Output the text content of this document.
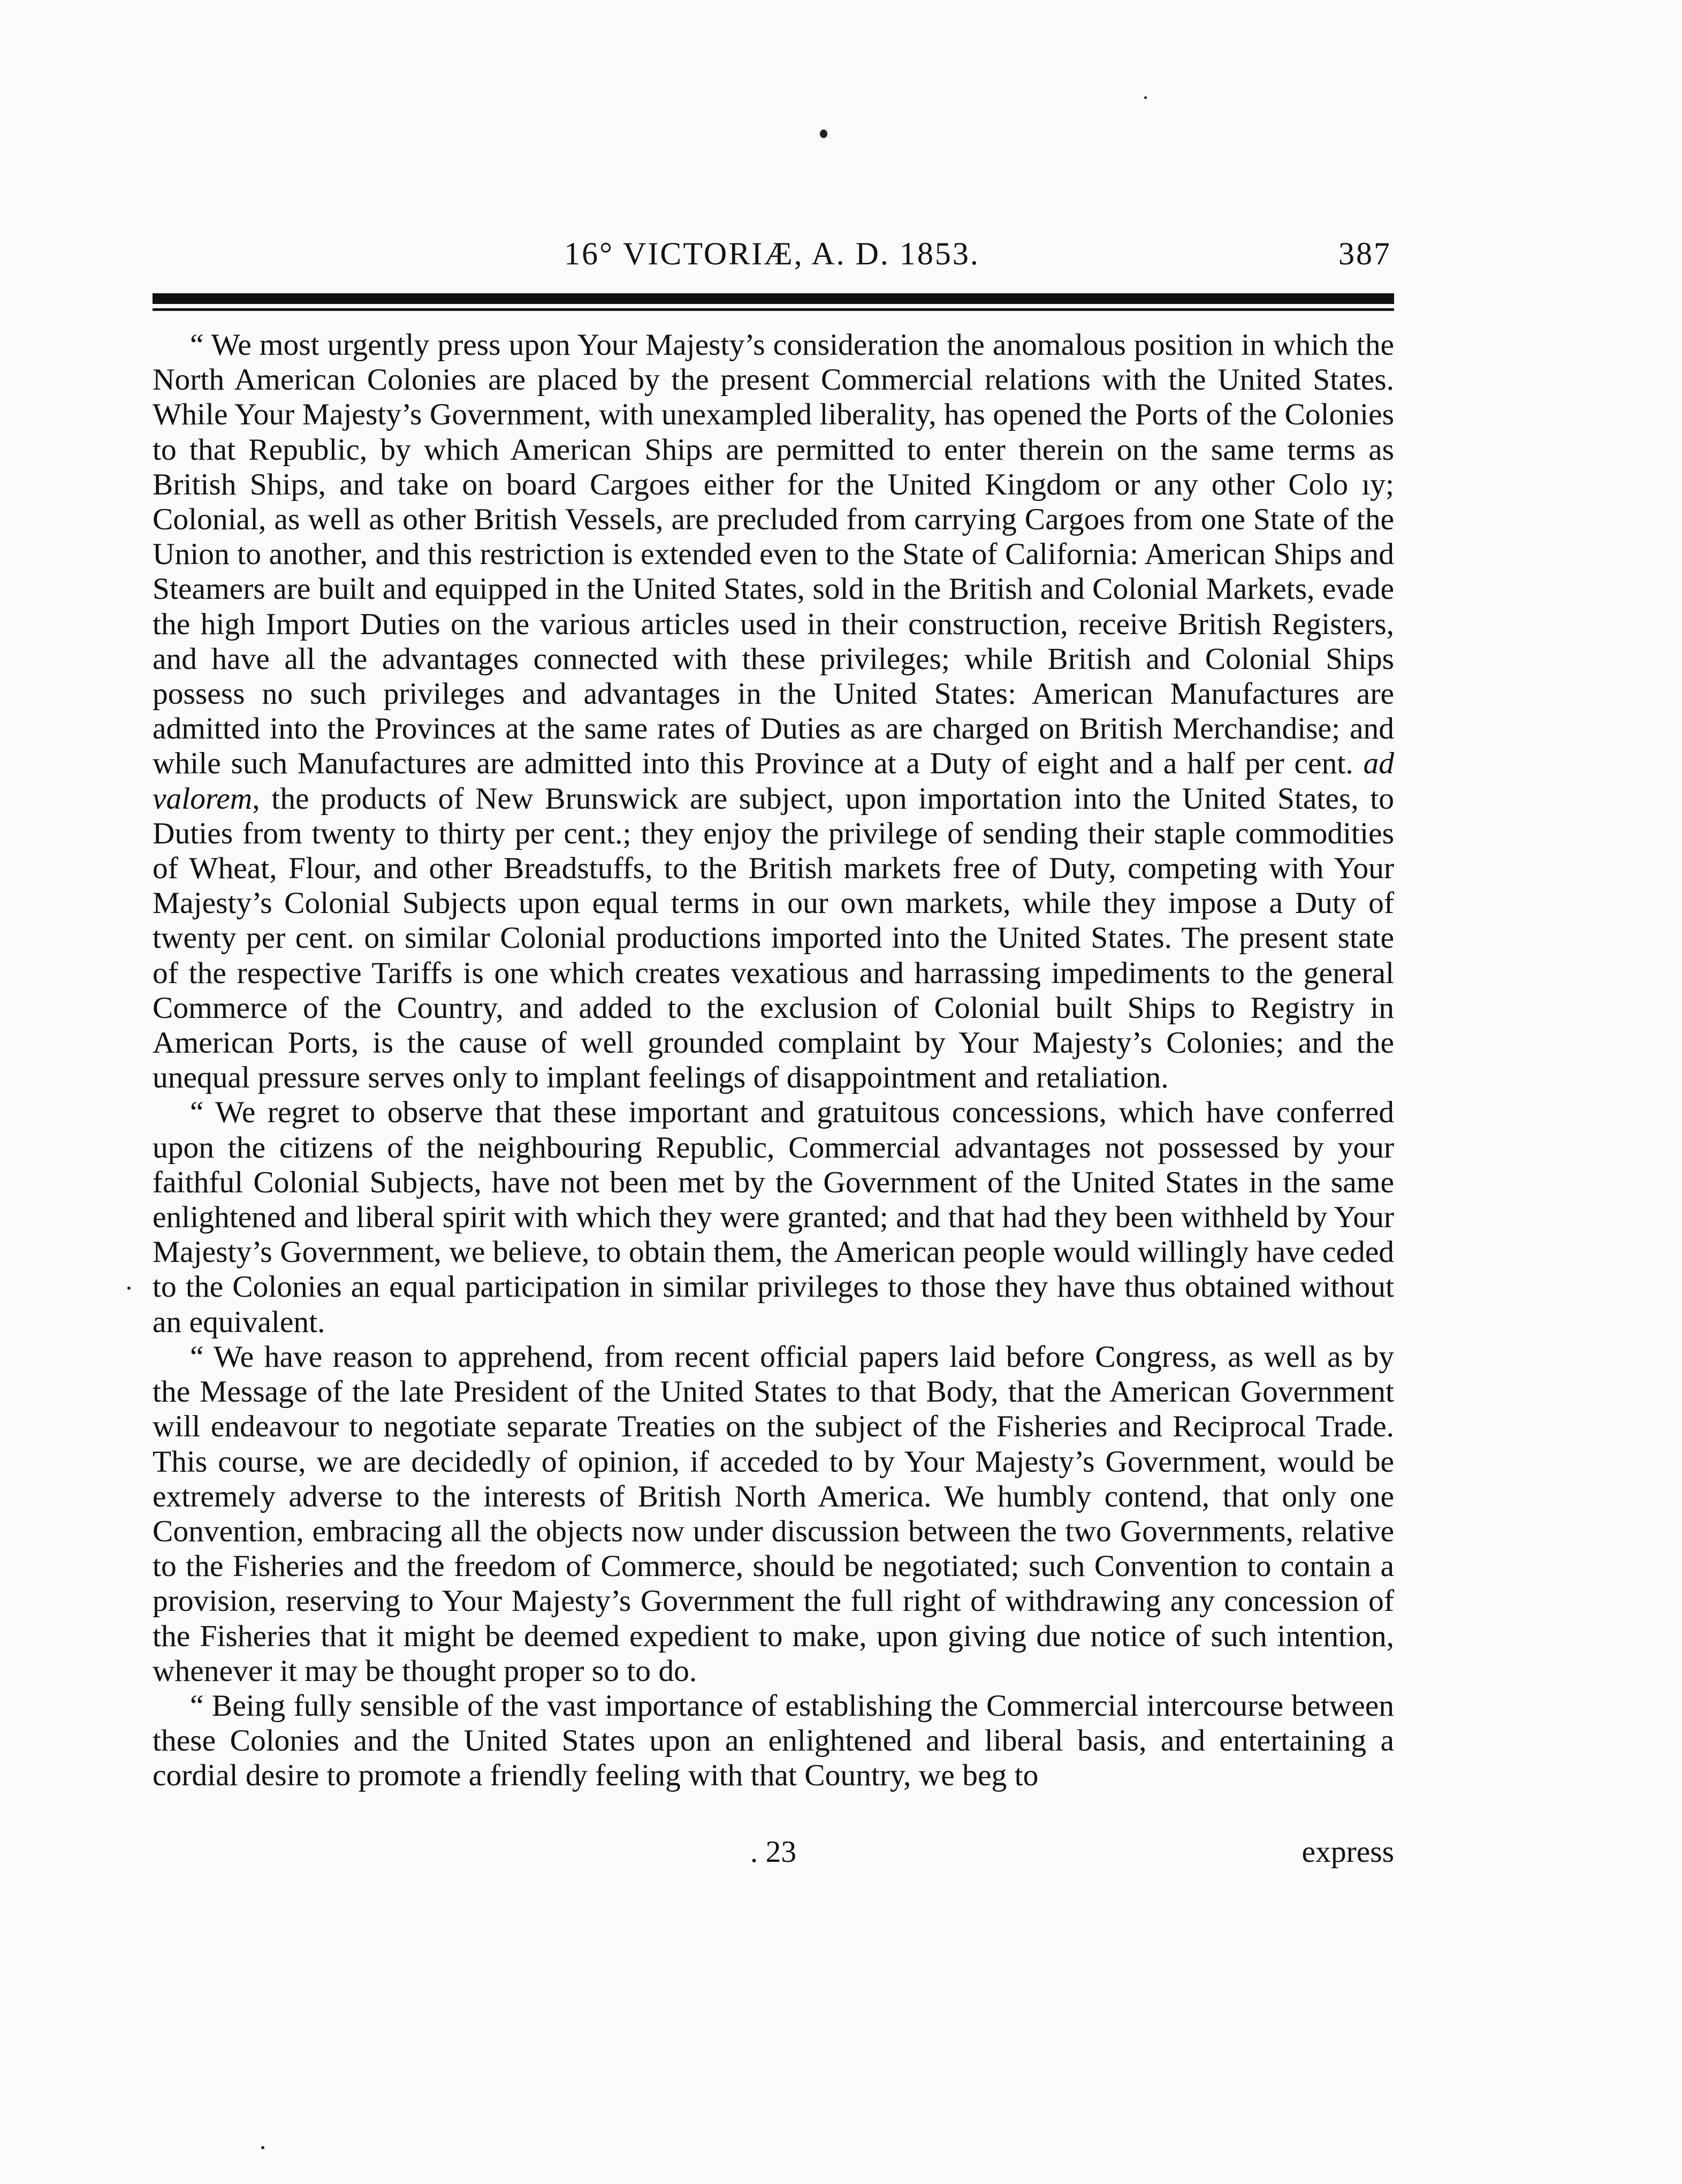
16° VICTORIÆ, A. D. 1853.	387

“ We most urgently press upon Your Majesty’s consideration the anomalous position in which the North American Colonies are placed by the present Commercial relations with the United States. While Your Majesty’s Government, with unexampled liberality, has opened the Ports of the Colonies to that Republic, by which American Ships are permitted to enter therein on the same terms as British Ships, and take on board Cargoes either for the United Kingdom or any other Colo ıy; Colonial, as well as other British Vessels, are precluded from carrying Cargoes from one State of the Union to another, and this restriction is extended even to the State of California: American Ships and Steamers are built and equipped in the United States, sold in the British and Colonial Markets, evade the high Import Duties on the various articles used in their construction, receive British Registers, and have all the advantages connected with these privileges; while British and Colonial Ships possess no such privileges and advantages in the United States: American Manufactures are admitted into the Provinces at the same rates of Duties as are charged on British Merchandise; and while such Manufactures are admitted into this Province at a Duty of eight and a half per cent. ad valorem, the products of New Brunswick are subject, upon importation into the United States, to Duties from twenty to thirty per cent.; they enjoy the privilege of sending their staple commodities of Wheat, Flour, and other Breadstuffs, to the British markets free of Duty, competing with Your Majesty’s Colonial Subjects upon equal terms in our own markets, while they impose a Duty of twenty per cent. on similar Colonial productions imported into the United States. The present state of the respective Tariffs is one which creates vexatious and harrassing impediments to the general Commerce of the Country, and added to the exclusion of Colonial built Ships to Registry in American Ports, is the cause of well grounded complaint by Your Majesty’s Colonies; and the unequal pressure serves only to implant feelings of disappointment and retaliation.

“ We regret to observe that these important and gratuitous concessions, which have conferred upon the citizens of the neighbouring Republic, Commercial advantages not possessed by your faithful Colonial Subjects, have not been met by the Government of the United States in the same enlightened and liberal spirit with which they were granted; and that had they been withheld by Your Majesty’s Government, we believe, to obtain them, the American people would willingly have ceded to the Colonies an equal participation in similar privileges to those they have thus obtained without an equivalent.

“ We have reason to apprehend, from recent official papers laid before Congress, as well as by the Message of the late President of the United States to that Body, that the American Government will endeavour to negotiate separate Treaties on the subject of the Fisheries and Reciprocal Trade. This course, we are decidedly of opinion, if acceded to by Your Majesty’s Government, would be extremely adverse to the interests of British North America. We humbly contend, that only one Convention, embracing all the objects now under discussion between the two Governments, relative to the Fisheries and the freedom of Commerce, should be negotiated; such Convention to contain a provision, reserving to Your Majesty’s Government the full right of withdrawing any concession of the Fisheries that it might be deemed expedient to make, upon giving due notice of such intention, whenever it may be thought proper so to do.

“ Being fully sensible of the vast importance of establishing the Commercial intercourse between these Colonies and the United States upon an enlightened and liberal basis, and entertaining a cordial desire to promote a friendly feeling with that Country, we beg to

. 23	express
